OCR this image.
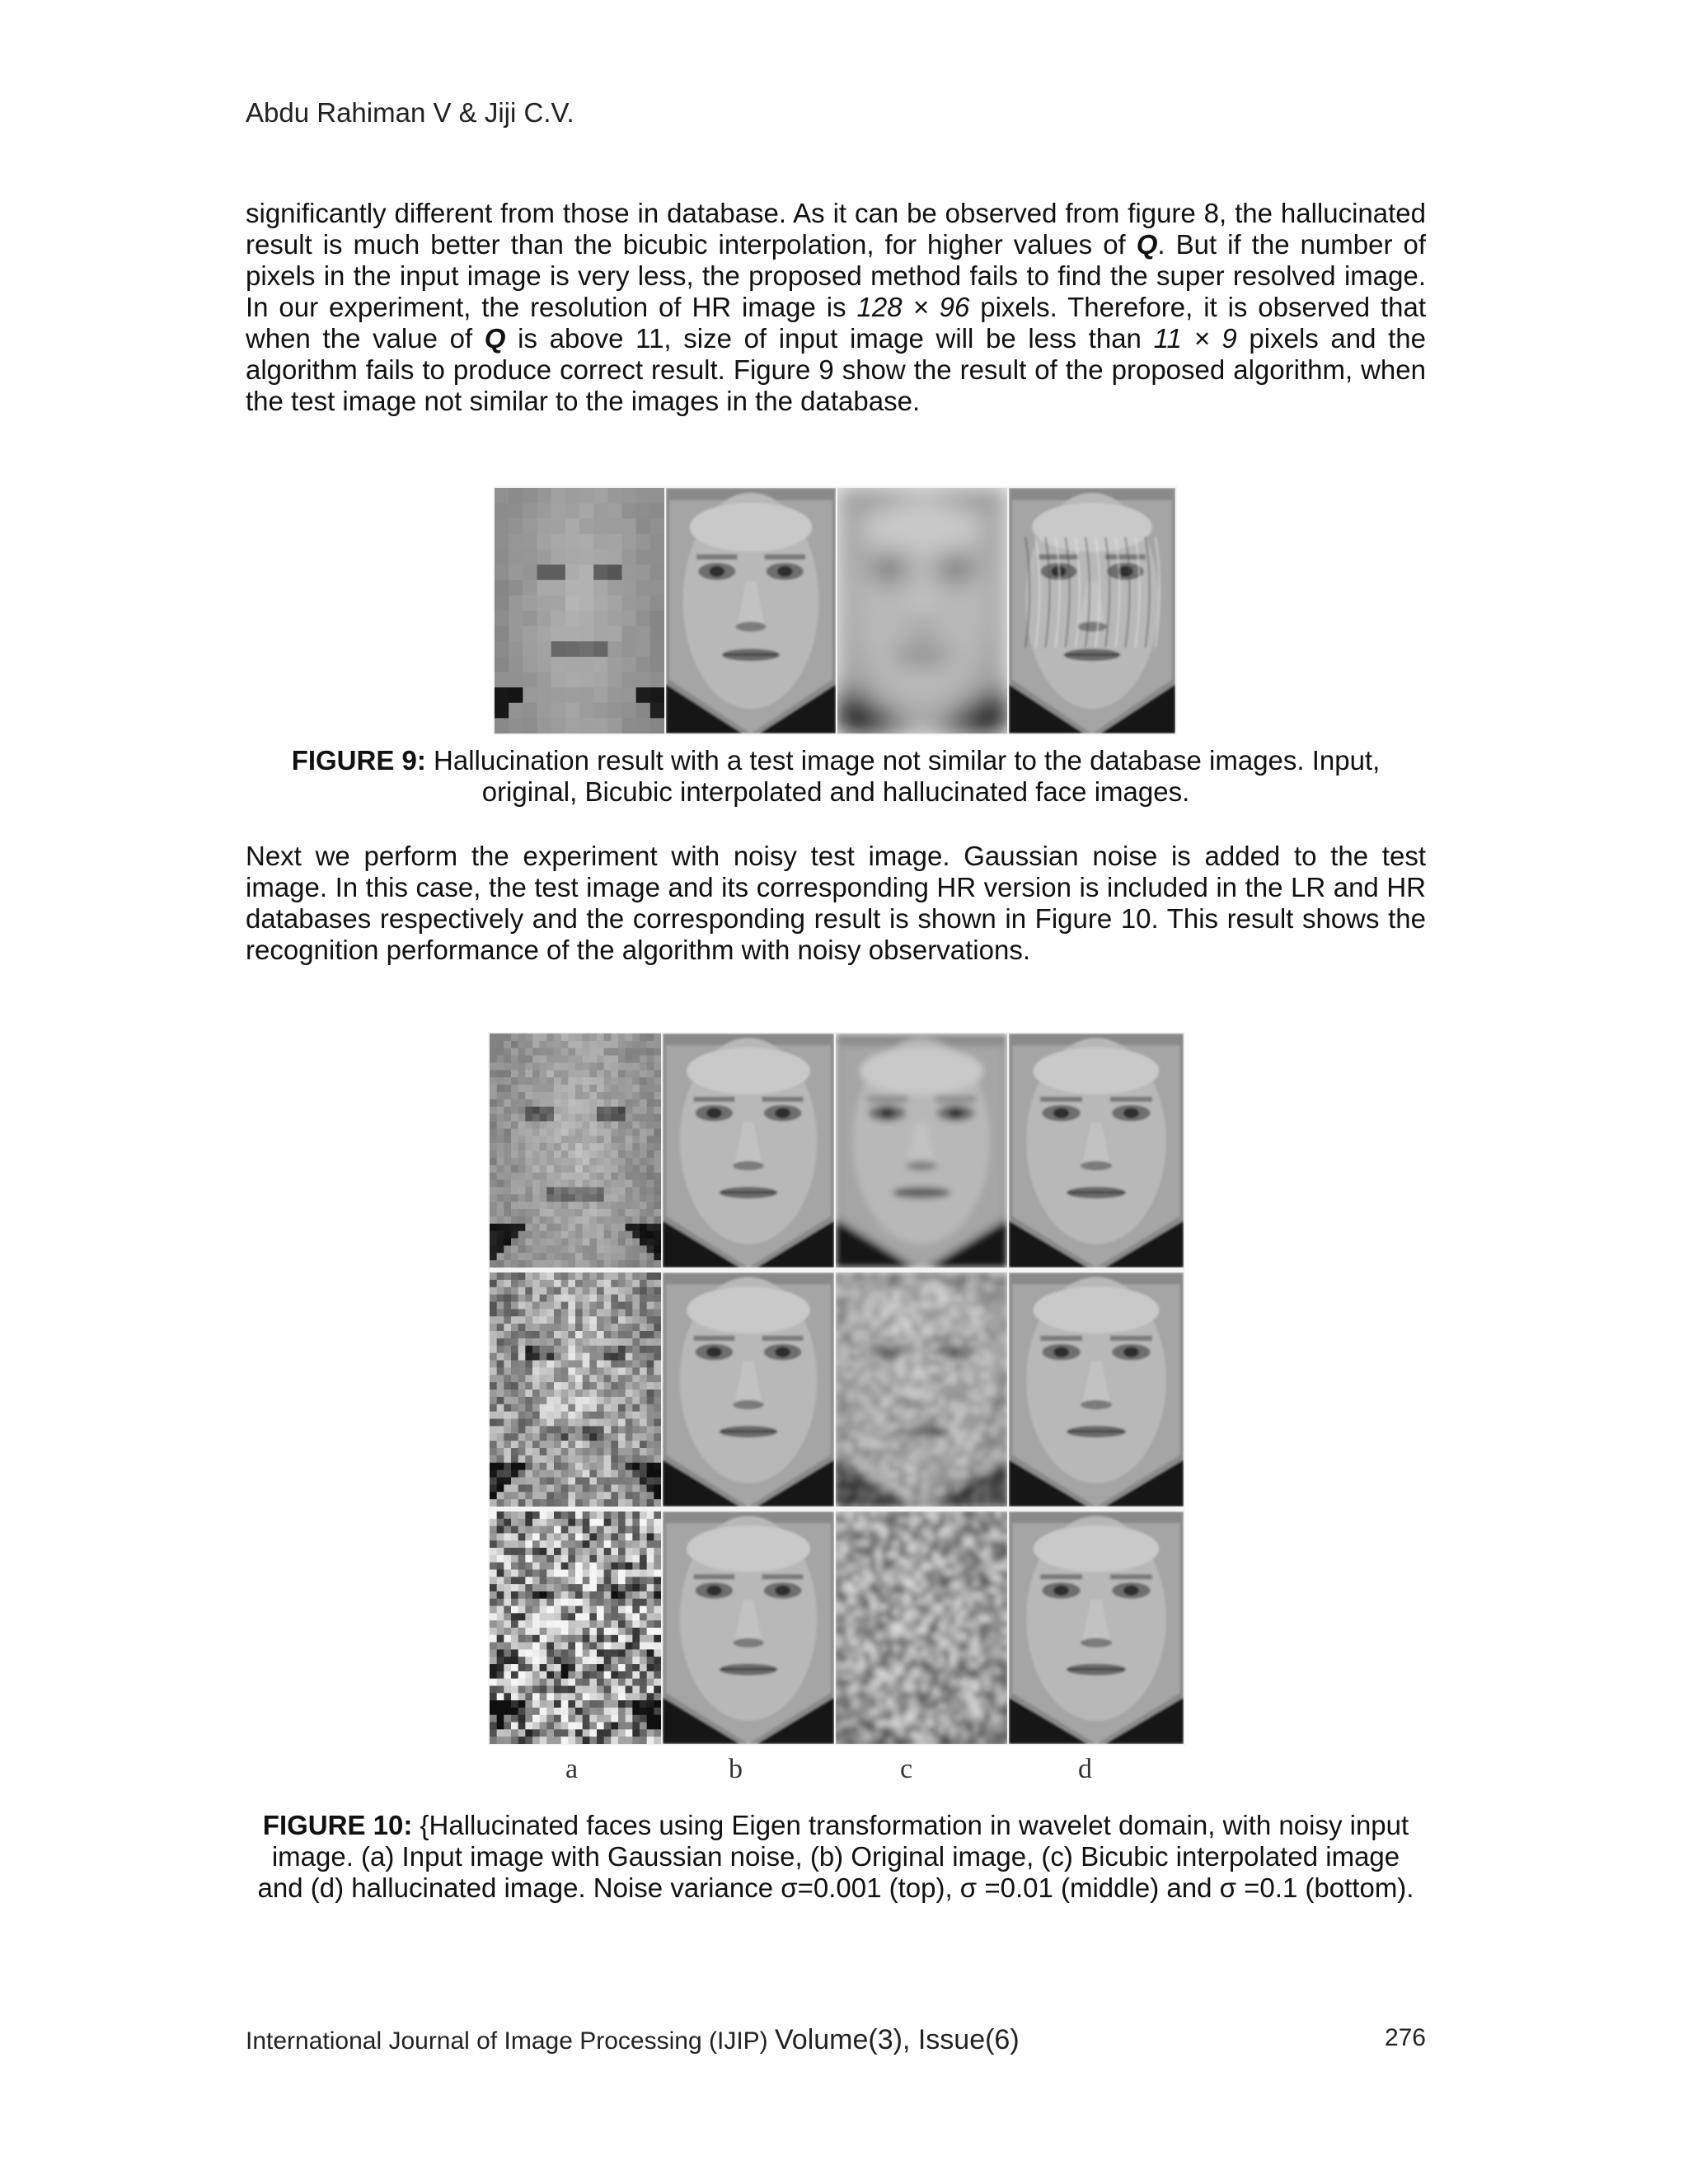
Abdu Rahiman V & Jiji C.V.
significantly different from those in database. As it can be observed from figure 8, the hallucinated
result is much better than the bicubic interpolation, for higher values of Q. But if the number of
pixels in the input image is very less, the proposed method fails to find the super resolved image.
In our experiment, the resolution of HR image is 128 × 96 pixels. Therefore, it is observed that
when the value of Q is above 11, size of input image will be less than 11 × 9 pixels and the
algorithm fails to produce correct result. Figure 9 show the result of the proposed algorithm, when
the test image not similar to the images in the database.
FIGURE 9: Hallucination result with a test image not similar to the database images. Input,
original, Bicubic interpolated and hallucinated face images.
Next we perform the experiment with noisy test image. Gaussian noise is added to the test
image. In this case, the test image and its corresponding HR version is included in the LR and HR
databases respectively and the corresponding result is shown in Figure 10. This result shows the
recognition performance of the algorithm with noisy observations.
a	b	c	d
FIGURE 10: {Hallucinated faces using Eigen transformation in wavelet domain, with noisy input
image. (a) Input image with Gaussian noise, (b) Original image, (c) Bicubic interpolated image
and (d) hallucinated image. Noise variance σ=0.001 (top), σ =0.01 (middle) and σ =0.1 (bottom).
International Journal of Image Processing (IJIP) Volume(3), Issue(6)	276
